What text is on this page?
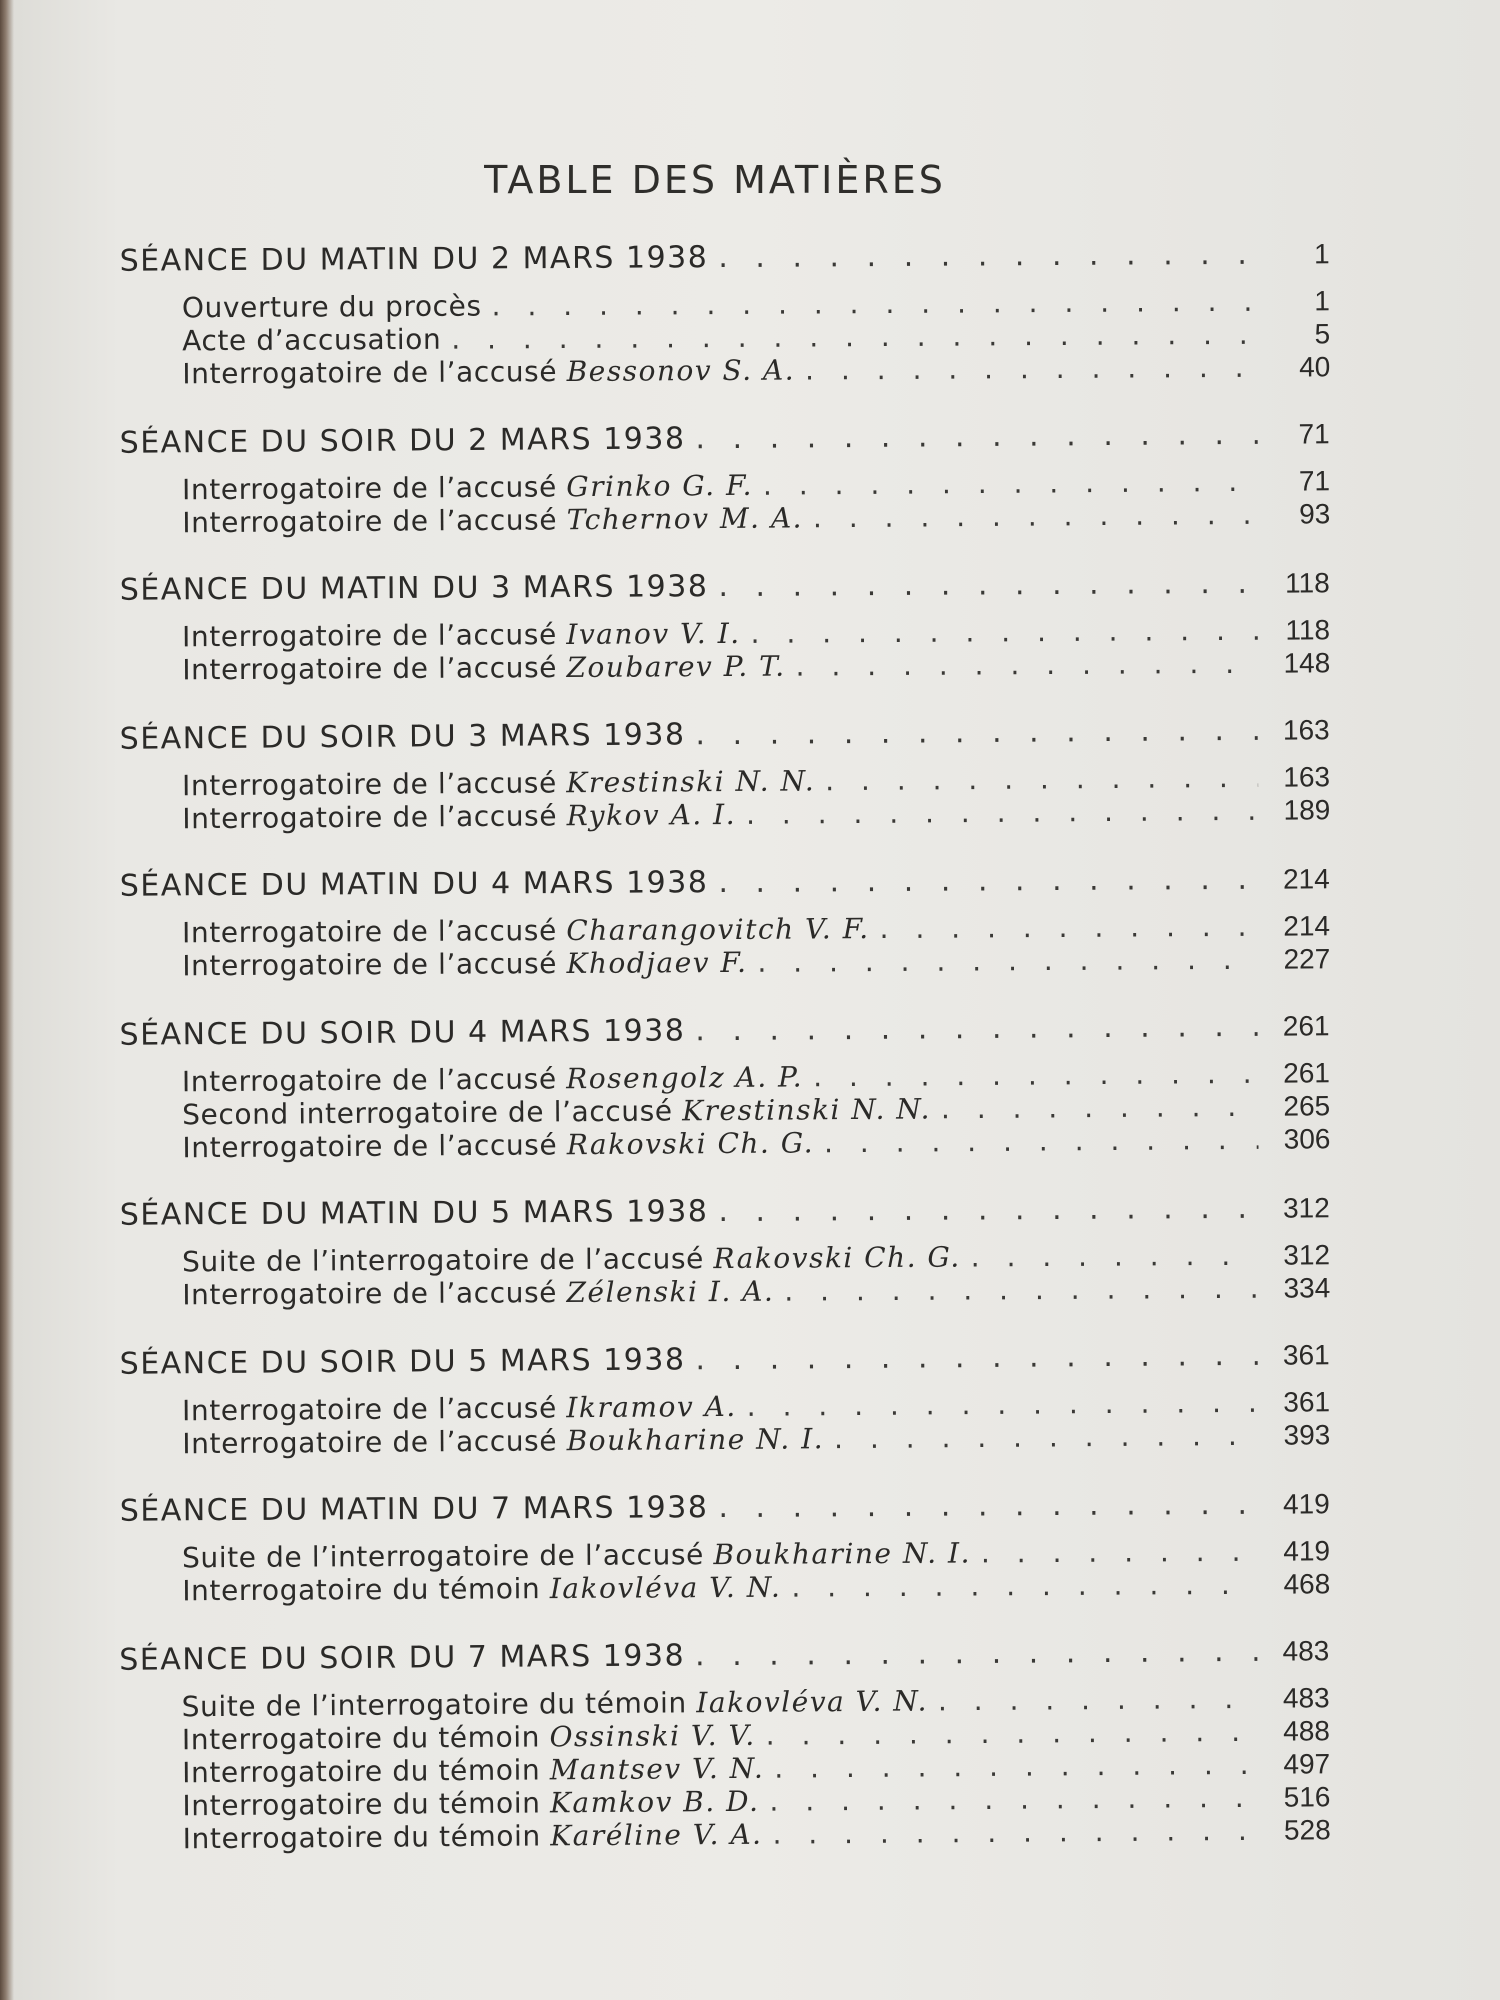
TABLE DES MATIÈRES
SÉANCE DU MATIN DU 2 MARS 1938 . . .	1
Ouverture du procès . . .	1
Acte d’accusation . . .	5
Interrogatoire de l’accusé Bessonov S. A. . . .	40
SÉANCE DU SOIR DU 2 MARS 1938 . . .	71
Interrogatoire de l’accusé Grinko G. F. . . .	71
Interrogatoire de l’accusé Tchernov M. A. . . .	93
SÉANCE DU MATIN DU 3 MARS 1938 . . .	118
Interrogatoire de l’accusé Ivanov V. I. . . .	118
Interrogatoire de l’accusé Zoubarev P. T. . . .	148
SÉANCE DU SOIR DU 3 MARS 1938 . . .	163
Interrogatoire de l’accusé Krestinski N. N. . . .	163
Interrogatoire de l’accusé Rykov A. I. . . .	189
SÉANCE DU MATIN DU 4 MARS 1938 . . .	214
Interrogatoire de l’accusé Charangovitch V. F. . . .	214
Interrogatoire de l’accusé Khodjaev F. . . .	227
SÉANCE DU SOIR DU 4 MARS 1938 . . .	261
Interrogatoire de l’accusé Rosengolz A. P. . . .	261
Second interrogatoire de l’accusé Krestinski N. N. . . .	265
Interrogatoire de l’accusé Rakovski Ch. G. . . .	306
SÉANCE DU MATIN DU 5 MARS 1938 . . .	312
Suite de l’interrogatoire de l’accusé Rakovski Ch. G. . . .	312
Interrogatoire de l’accusé Zélenski I. A. . . .	334
SÉANCE DU SOIR DU 5 MARS 1938 . . .	361
Interrogatoire de l’accusé Ikramov A. . . .	361
Interrogatoire de l’accusé Boukharine N. I. . . .	393
SÉANCE DU MATIN DU 7 MARS 1938 . . .	419
Suite de l’interrogatoire de l’accusé Boukharine N. I. . . .	419
Interrogatoire du témoin Iakovléva V. N. . . .	468
SÉANCE DU SOIR DU 7 MARS 1938 . . .	483
Suite de l’interrogatoire du témoin Iakovléva V. N. . . .	483
Interrogatoire du témoin Ossinski V. V. . . .	488
Interrogatoire du témoin Mantsev V. N. . . .	497
Interrogatoire du témoin Kamkov B. D. . . .	516
Interrogatoire du témoin Karéline V. A. . . .	528
